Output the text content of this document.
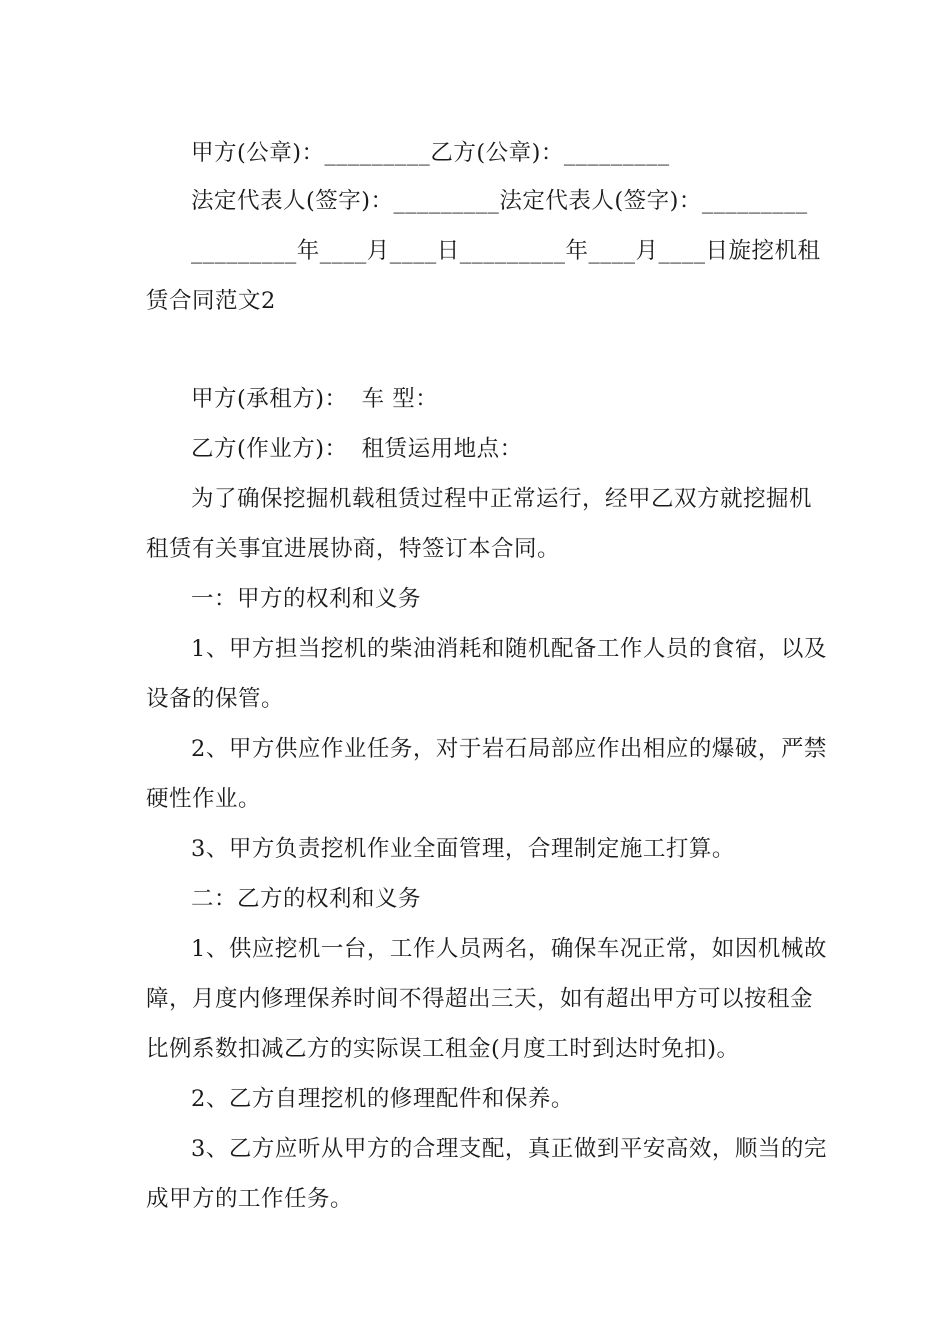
甲方(公章)：_________乙方(公章)：_________
法定代表人(签字)：_________法定代表人(签字)：_________
_________年____月____日_________年____月____日旋挖机租
赁合同范文2
甲方(承租方)： 车 型：
乙方(作业方)： 租赁运用地点：
为了确保挖掘机载租赁过程中正常运行，经甲乙双方就挖掘机
租赁有关事宜进展协商，特签订本合同。
一：甲方的权利和义务
1、甲方担当挖机的柴油消耗和随机配备工作人员的食宿，以及
设备的保管。
2、甲方供应作业任务，对于岩石局部应作出相应的爆破，严禁
硬性作业。
3、甲方负责挖机作业全面管理，合理制定施工打算。
二：乙方的权利和义务
1、供应挖机一台，工作人员两名，确保车况正常，如因机械故
障，月度内修理保养时间不得超出三天，如有超出甲方可以按租金
比例系数扣减乙方的实际误工租金(月度工时到达时免扣)。
2、乙方自理挖机的修理配件和保养。
3、乙方应听从甲方的合理支配，真正做到平安高效，顺当的完
成甲方的工作任务。
